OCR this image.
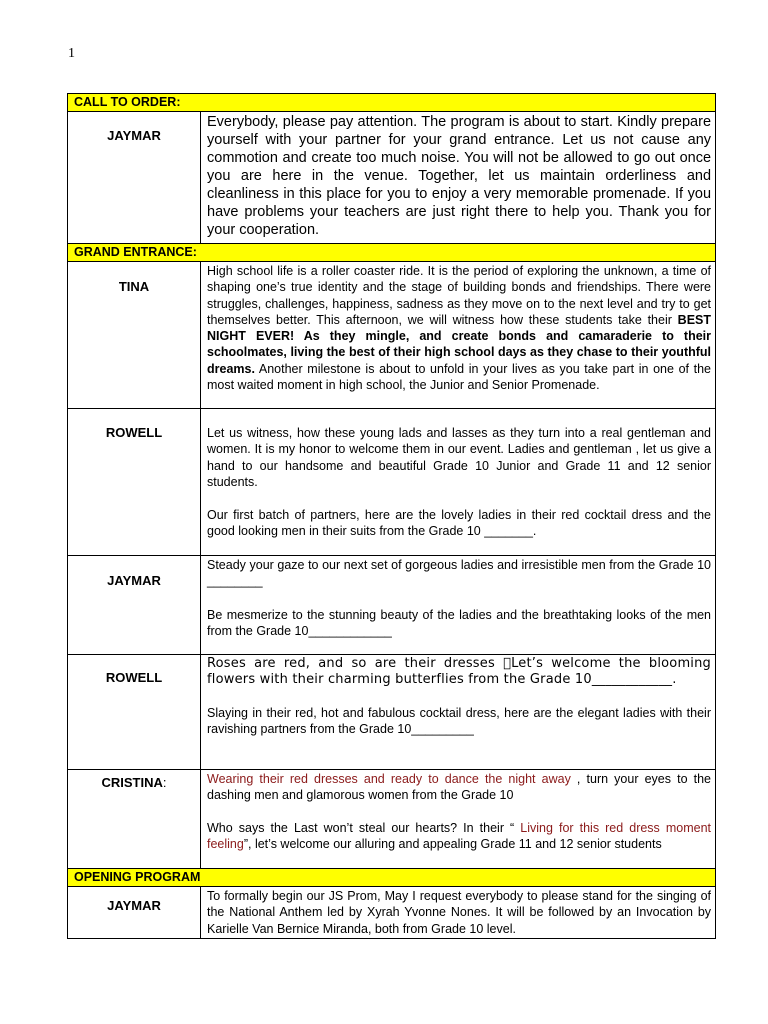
1
CALL TO ORDER:	
JAYMAR	Everybody, please pay attention. The program is about to start. Kindly prepare yourself with your partner for your grand entrance. Let us not cause any commotion and create too much noise. You will not be allowed to go out once you are here in the venue. Together, let us maintain orderliness and cleanliness in this place for you to enjoy a very memorable promenade. If you have problems your teachers are just right there to help you. Thank you for your cooperation.

GRAND ENTRANCE:	
TINA	High school life is a roller coaster ride. It is the period of exploring the unknown, a time of shaping one’s true identity and the stage of building bonds and friendships. There were struggles, challenges, happiness, sadness as they move on to the next level and try to get themselves better. This afternoon, we will witness how these students take their BEST NIGHT EVER! As they mingle, and create bonds and camaraderie to their schoolmates, living the best of their high school days as they chase to their youthful dreams. Another milestone is about to unfold in your lives as you take part in one of the most waited moment in high school, the Junior and Senior Promenade.

ROWELL	Let us witness, how these young lads and lasses as they turn into a real gentleman and women. It is my honor to welcome them in our event. Ladies and gentleman , let us give a hand to our handsome and beautiful Grade 10 Junior and Grade 11 and 12 senior students.

Our first batch of partners, here are the lovely ladies in their red cocktail dress and the good looking men in their suits from the Grade 10 _______.

JAYMAR	Steady your gaze to our next set of gorgeous ladies and irresistible men from the Grade 10 ________

Be mesmerize to the stunning beauty of the ladies and the breathtaking looks of the men from the Grade 10____________

ROWELL	Roses are red, and so are their dresses Let’s welcome the blooming flowers with their charming butterflies from the Grade 10____________.

Slaying in their red, hot and fabulous cocktail dress, here are the elegant ladies with their ravishing partners from the Grade 10_________

CRISTINA:	Wearing their red dresses and ready to dance the night away , turn your eyes to the dashing men and glamorous women from the Grade 10

Who says the Last won’t steal our hearts? In their “ Living for this red dress moment feeling”, let’s welcome our alluring and appealing Grade 11 and 12 senior students

OPENING PROGRAM	
JAYMAR	To formally begin our JS Prom, May I request everybody to please stand for the singing of the National Anthem led by Xyrah Yvonne Nones. It will be followed by an Invocation by Karielle Van Bernice Miranda, both from Grade 10 level.
